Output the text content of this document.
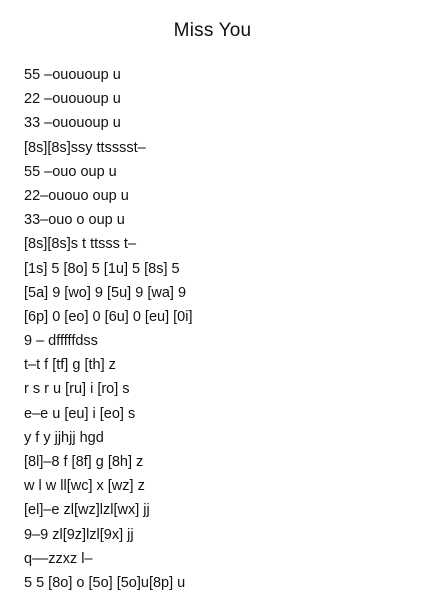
Miss You
55 –ouououp u
22 –ouououp u
33 –ouououp u
[8s][8s]ssy ttsssst–
55 –ouo oup u
22–ououo oup u
33–ouo o oup u
[8s][8s]s t ttsss t–
[1s] 5 [8o] 5 [1u] 5 [8s] 5
[5a] 9 [wo] 9 [5u] 9 [wa] 9
[6p] 0 [eo] 0 [6u] 0 [eu] [0i]
9 – dfffffdss
t–t f [tf] g [th] z
r s r u [ru] i [ro] s
e–e u [eu] i [eo] s
y f y jjhjj hgd
[8l]–8 f [8f] g [8h] z
w l w ll[wc] x [wz] z
[el]–e zl[wz]lzl[wx] jj
9–9 zl[9z]lzl[9x] jj
q––zzxz l–
5 5 [8o] o [5o] [5o]u[8p] u
